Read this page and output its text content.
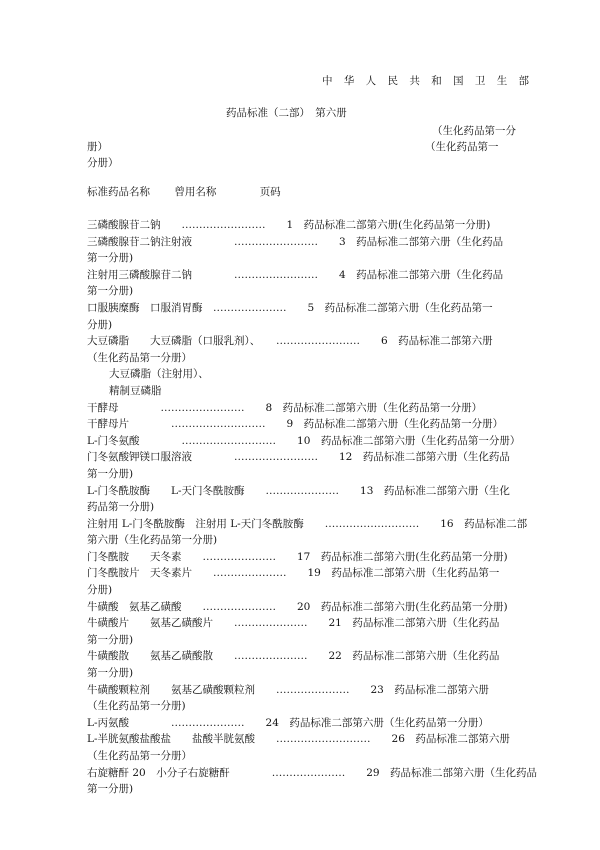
中 华 人 民 共 和 国 卫 生 部
药品标准（二部）　第六册
（生化药品第一分
册）	（生化药品第一
分册）
标准药品名称 曾用名称	页码
三磷酸腺苷二钠　　……………………　　1　药品标准二部第六册(生化药品第一分册)
三磷酸腺苷二钠注射液　　　　……………………　　3　药品标准二部第六册（生化药品
第一分册)
注射用三磷酸腺苷二钠　　　　……………………　　4　药品标准二部第六册（生化药品
第一分册)
口服胰糜酶　口服消胃酶　…………………　　5　药品标准二部第六册（生化药品第一
分册)
大豆磷脂　　大豆磷脂（口服乳剂）、　　……………………　　6　药品标准二部第六册
（生化药品第一分册）
大豆磷脂（注射用）、
精制豆磷脂
干酵母　　　　……………………　　8　药品标准二部第六册（生化药品第一分册）
干酵母片　　　　………………………　　9　药品标准二部第六册（生化药品第一分册）
L-门冬氨酸　　　　………………………　　10　药品标准二部第六册（生化药品第一分册）
门冬氨酸钾镁口服溶液　　　　……………………　　12　药品标准二部第六册（生化药品
第一分册)
L-门冬酰胺酶　　L-天门冬酰胺酶　　…………………　　13　药品标准二部第六册（生化
药品第一分册)
注射用 L-门冬酰胺酶　注射用 L-天门冬酰胺酶　　………………………　　16　药品标准二部
第六册（生化药品第一分册)
门冬酰胺　　天冬素　　…………………　　17　药品标准二部第六册(生化药品第一分册)
门冬酰胺片　天冬素片　　…………………　　19　药品标准二部第六册（生化药品第一
分册)
牛磺酸　氨基乙磺酸　　…………………　　20　药品标准二部第六册(生化药品第一分册)
牛磺酸片　　氨基乙磺酸片　　…………………　　21　药品标准二部第六册（生化药品
第一分册)
牛磺酸散　　氨基乙磺酸散　　…………………　　22　药品标准二部第六册（生化药品
第一分册)
牛磺酸颗粒剂　　氨基乙磺酸颗粒剂　　…………………　　23　药品标准二部第六册
（生化药品第一分册)
L-丙氨酸　　　　…………………　　24　药品标准二部第六册（生化药品第一分册）
L-半胱氨酸盐酸盐　　盐酸半胱氨酸　　………………………　　26　药品标准二部第六册
（生化药品第一分册）
右旋糖酐 20　小分子右旋糖酐　　　　…………………　　29　药品标准二部第六册（生化药品
第一分册)
